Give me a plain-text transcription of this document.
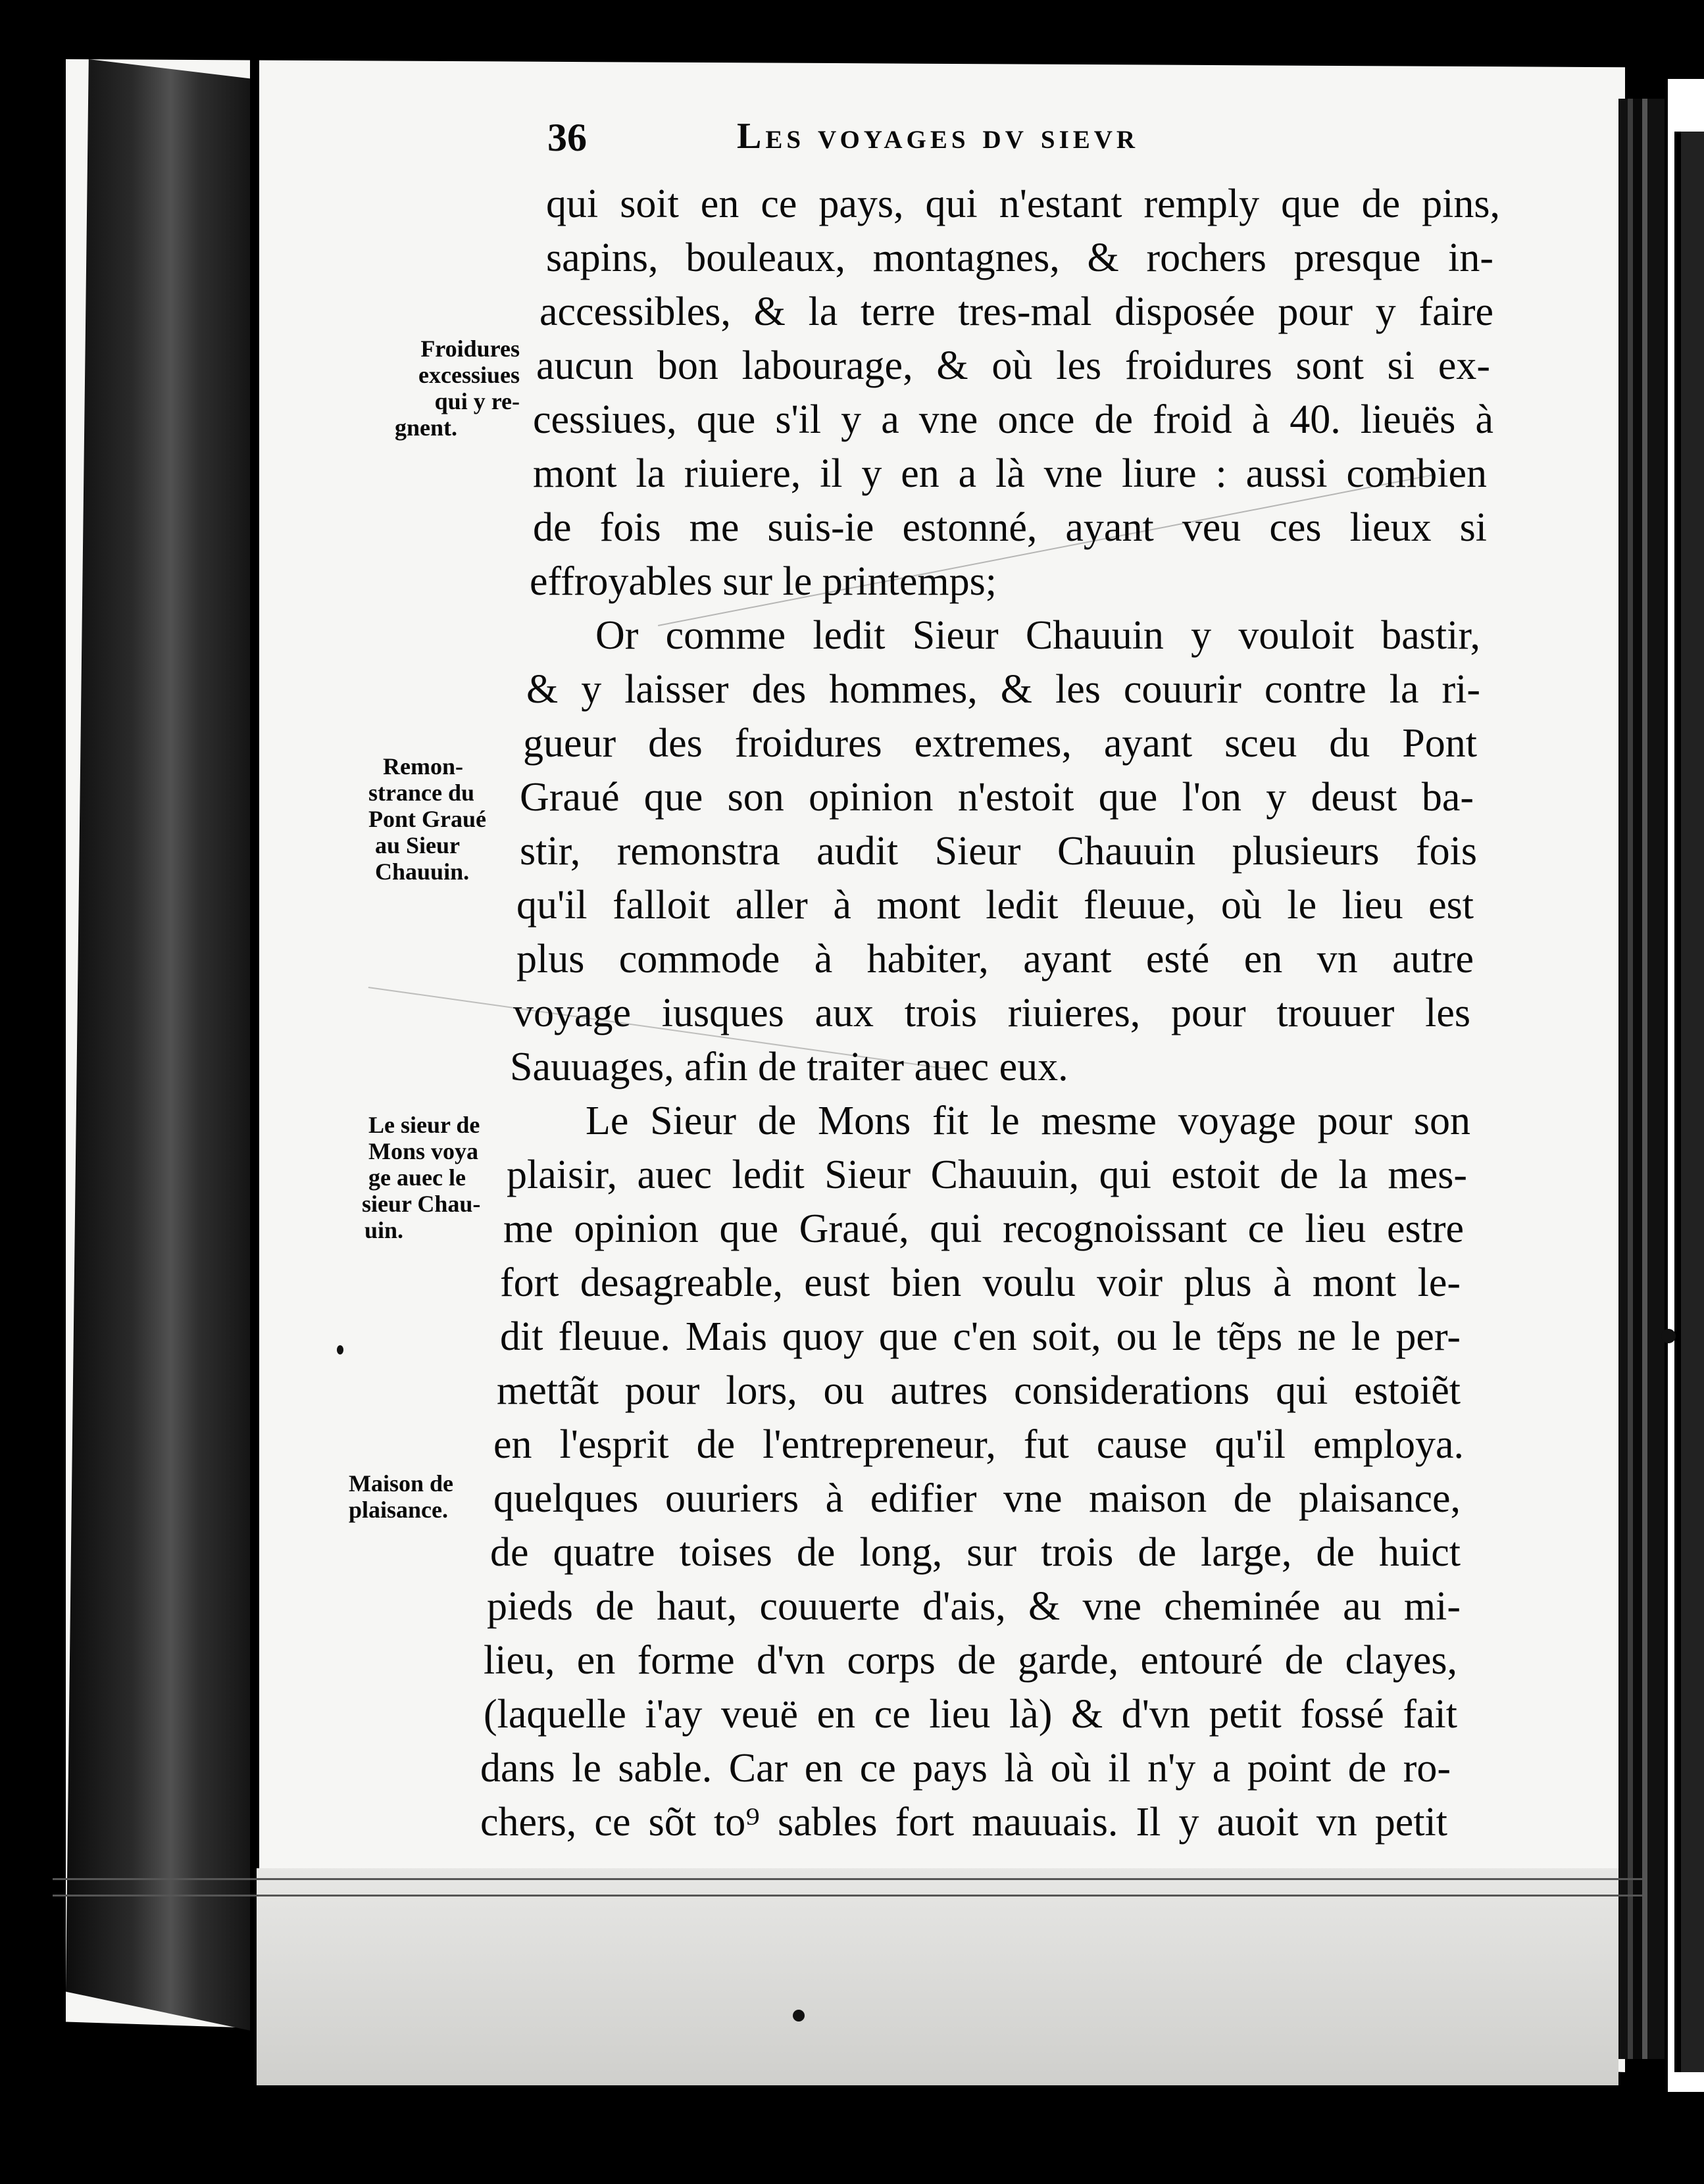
36	Les voyages dv sievr
qui soit en ce pays, qui n'estant remply que de pins,
sapins, bouleaux, montagnes, & rochers presque in-
accessibles, & la terre tres-mal disposée pour y faire
aucun bon labourage, & où les froidures sont si ex-
cessiues, que s'il y a vne once de froid à 40. lieuës à
mont la riuiere, il y en a là vne liure : aussi combien
de fois me suis-ie estonné, ayant veu ces lieux si
effroyables sur le printemps;
Or comme ledit Sieur Chauuin y vouloit bastir,
& y laisser des hommes, & les couurir contre la ri-
gueur des froidures extremes, ayant sceu du Pont
Graué que son opinion n'estoit que l'on y deust ba-
stir, remonstra audit Sieur Chauuin plusieurs fois
qu'il falloit aller à mont ledit fleuue, où le lieu est
plus commode à habiter, ayant esté en vn autre
voyage iusques aux trois riuieres, pour trouuer les
Sauuages, afin de traiter auec eux.
Le Sieur de Mons fit le mesme voyage pour son
plaisir, auec ledit Sieur Chauuin, qui estoit de la mes-
me opinion que Graué, qui recognoissant ce lieu estre
fort desagreable, eust bien voulu voir plus à mont le-
dit fleuue. Mais quoy que c'en soit, ou le tẽps ne le per-
mettãt pour lors, ou autres considerations qui estoiẽt
en l'esprit de l'entrepreneur, fut cause qu'il employa.
quelques ouuriers à edifier vne maison de plaisance,
de quatre toises de long, sur trois de large, de huict
pieds de haut, couuerte d'ais, & vne cheminée au mi-
lieu, en forme d'vn corps de garde, entouré de clayes,
(laquelle i'ay veuë en ce lieu là) & d'vn petit fossé fait
dans le sable. Car en ce pays là où il n'y a point de ro-
chers, ce sõt to⁹ sables fort mauuais. Il y auoit vn petit
Froidures
excessiues
qui y re-
gnent.
Remon-
strance du
Pont Graué
au Sieur
Chauuin.
Le sieur de
Mons voya
ge auec le
sieur Chau-
uin.
Maison de
plaisance.
